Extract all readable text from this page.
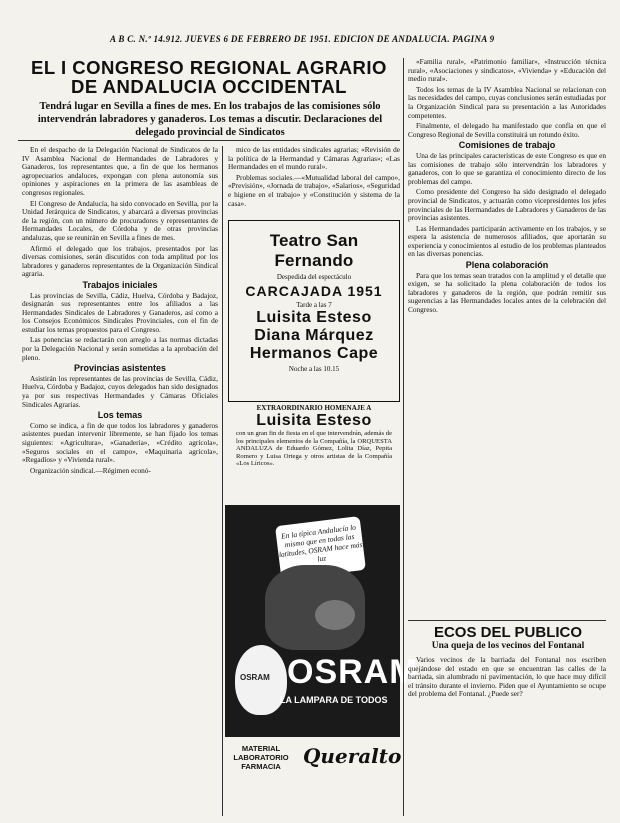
A B C. N.º 14.912. JUEVES 6 DE FEBRERO DE 1951. EDICION DE ANDALUCIA. PAGINA 9
EL I CONGRESO REGIONAL AGRARIO DE ANDALUCIA OCCIDENTAL
Tendrá lugar en Sevilla a fines de mes. En los trabajos de las comisiones sólo intervendrán labradores y ganaderos. Los temas a discutir. Declaraciones del delegado provincial de Sindicatos

En el despacho de la Delegación Nacional de Sindicatos de la IV Asamblea Nacional de Hermandades de Labradores y Ganaderos, los representantes que, a fin de que los hermanos agropecuarios andaluces, expongan con plena autonomía sus opiniones y aspiraciones en la primera de las asambleas de congresos regionales.

El Congreso de Andalucía, ha sido convocado en Sevilla, por la Unidad Jerárquica de Sindicatos, y abarcará a diversas provincias de la región, con un número de procuradores y representantes de Hermandades Locales, de Córdoba y de otras provincias andaluzas, que se reunirán en Sevilla a fines de mes.

Afirmó el delegado que los trabajos, presentados por las diversas comisiones, serán discutidos con toda amplitud por los labradores y ganaderos representantes de la Organización Sindical agraria.

Trabajos iniciales

Las provincias de Sevilla, Cádiz, Huelva, Córdoba y Badajoz, designarán sus representantes entre los afiliados a las Hermandades Sindicales de Labradores y Ganaderos, así como a los Consejos Económicos Sindicales Provinciales, con el fin de estudiar los temas propuestos para el Congreso.

Las ponencias se redactarán con arreglo a las normas dictadas por la Delegación Nacional y serán sometidas a la aprobación del pleno.

Provincias asistentes

Asistirán los representantes de las provincias de Sevilla, Cádiz, Huelva, Córdoba y Badajoz, cuyos delegados han sido designados ya por sus respectivas Hermandades y Cámaras Oficiales Sindicales Agrarias.

Los temas

Como se indica, a fin de que todos los labradores y ganaderos asistentes puedan intervenir libremente, se han fijado los temas siguientes: «Agricultura», «Ganadería», «Crédito agrícola», «Seguros sociales en el campo», «Maquinaria agrícola», «Regadíos» y «Vivienda rural».

Organización sindical.—Régimen econó-

mico de las entidades sindicales agrarias; «Revisión de la política de la Hermandad y Cámaras Agrarias»; «Las Hermandades en el mundo rural».

Problemas sociales.—«Mutualidad laboral del campo», «Previsión», «Jornada de trabajo», «Salarios», «Seguridad e higiene en el trabajo» y «Constitución y sistema de la casa».

Teatro San Fernando
Despedida del espectáculo
CARCAJADA 1951
Tarde a las 7
Luisita Esteso
Diana Márquez
Hermanos Cape
Noche a las 10.15
EXTRAORDINARIO HOMENAJE A
Luisita Esteso
con un gran fin de fiesta en el que intervendrán, además de los principales elementos de la Compañía, la ORQUESTA ANDALUZA de Eduardo Gómez, Lolita Díaz, Pepita Romero y Luisa Ortega y otros artistas de la Compañía «Los Líricos».
En la típica Andalucía lo mismo que en todas las latitudes, OSRAM hace más luz
OSRAM OSRAM
LA LAMPARA DE TODOS
MATERIAL LABORATORIO FARMACIA	Queralto

«Familia rural», «Patrimonio familiar», «Instrucción técnica rural», «Asociaciones y sindicatos», «Vivienda» y «Educación del medio rural».

Todos los temas de la IV Asamblea Nacional se relacionan con las necesidades del campo, cuyas conclusiones serán estudiadas por la Organización Sindical para su presentación a las Autoridades competentes.

Finalmente, el delegado ha manifestado que confía en que el Congreso Regional de Sevilla constituirá un rotundo éxito.

Comisiones de trabajo

Una de las principales características de este Congreso es que en las comisiones de trabajo sólo intervendrán los labradores y ganaderos, con lo que se garantiza el conocimiento directo de los problemas del campo.

Como presidente del Congreso ha sido designado el delegado provincial de Sindicatos, y actuarán como vicepresidentes los jefes provinciales de las Hermandades de Labradores y Ganaderos de las provincias asistentes.

Las Hermandades participarán activamente en los trabajos, y se espera la asistencia de numerosos afiliados, que aportarán su experiencia y conocimientos al estudio de los problemas planteados en las diversas ponencias.

Plena colaboración

Para que los temas sean tratados con la amplitud y el detalle que exigen, se ha solicitado la plena colaboración de todos los labradores y ganaderos de la región, que podrán remitir sus sugerencias a las Hermandades locales antes de la celebración del Congreso.

ECOS DEL PUBLICO
Una queja de los vecinos del Fontanal

Varios vecinos de la barriada del Fontanal nos escriben quejándose del estado en que se encuentran las calles de la barriada, sin alumbrado ni pavimentación, lo que hace muy difícil el tránsito durante el invierno. Piden que el Ayuntamiento se ocupe del problema del Fontanal. ¿Puede ser?
